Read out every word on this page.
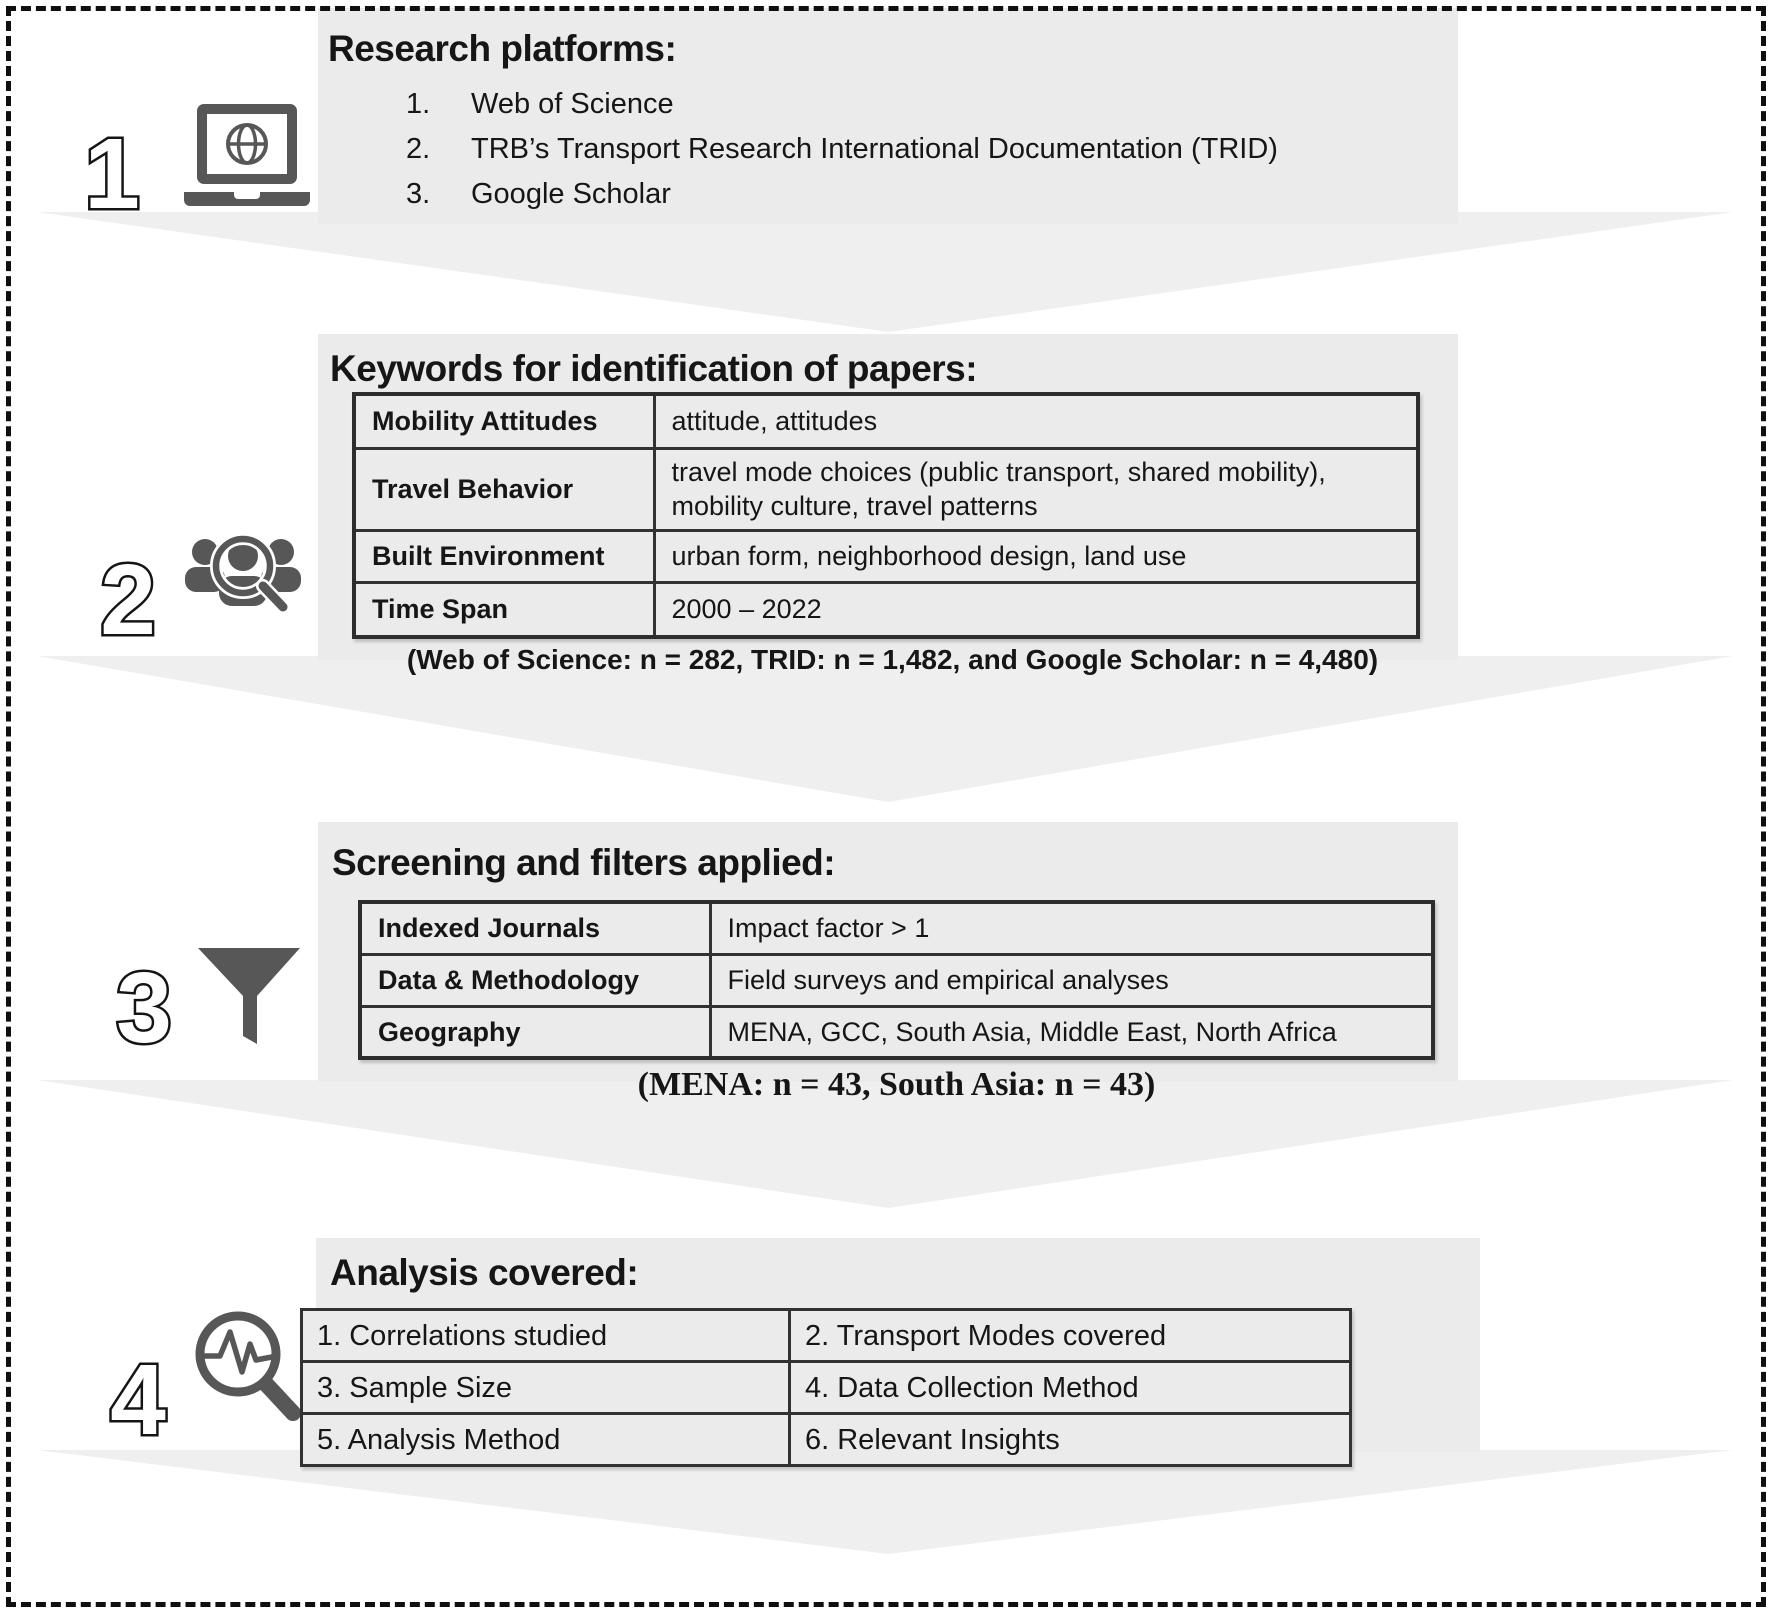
1
Research platforms:
1.	Web of Science
2.	TRB’s Transport Research International Documentation (TRID)
3.	Google Scholar
2
Keywords for identification of papers:
Mobility Attitudes	attitude, attitudes
Travel Behavior	travel mode choices (public transport, shared mobility), mobility culture, travel patterns
Built Environment	urban form, neighborhood design, land use
Time Span	2000 – 2022
(Web of Science: n = 282, TRID: n = 1,482, and Google Scholar: n = 4,480)
3
Screening and filters applied:
Indexed Journals	Impact factor > 1
Data & Methodology	Field surveys and empirical analyses
Geography	MENA, GCC, South Asia, Middle East, North Africa
(MENA: n = 43, South Asia: n = 43)
4
Analysis covered:
1. Correlations studied	2. Transport Modes covered
3. Sample Size	4. Data Collection Method
5. Analysis Method	6. Relevant Insights
